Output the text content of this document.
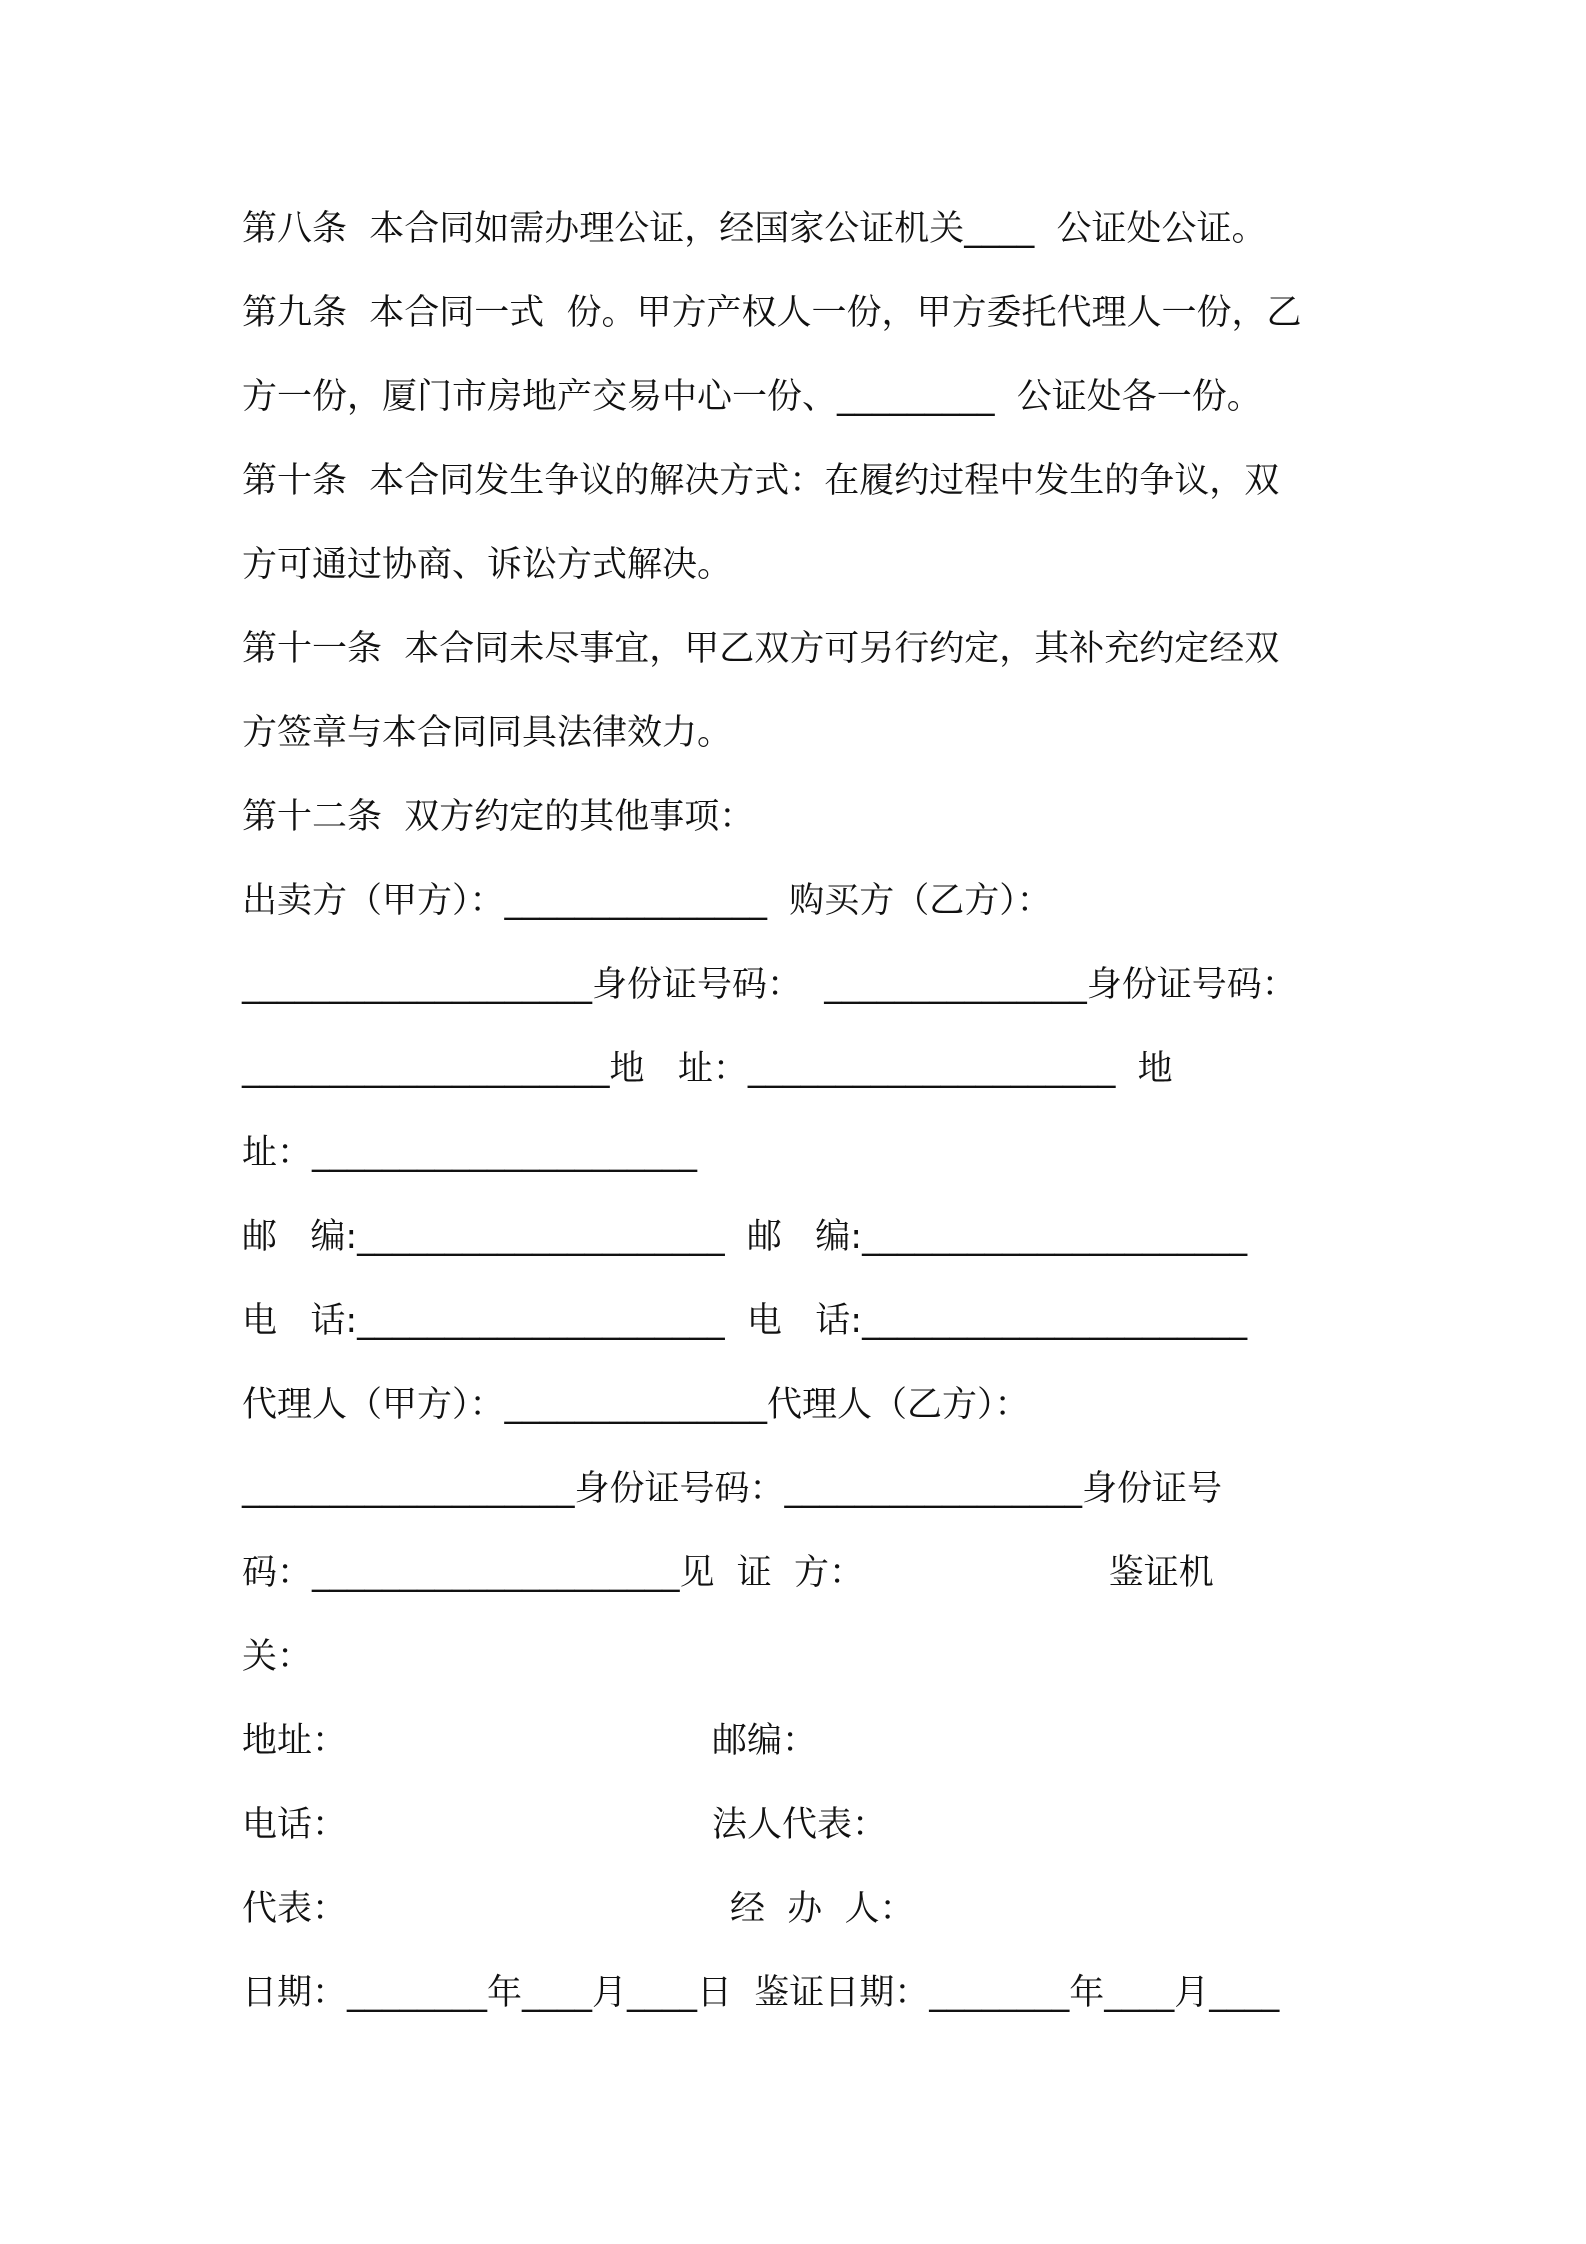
第八条  本合同如需办理公证，经国家公证机关____  公证处公证。
第九条  本合同一式  份。甲方产权人一份，甲方委托代理人一份，乙
方一份，厦门市房地产交易中心一份、_________  公证处各一份。
第十条  本合同发生争议的解决方式：在履约过程中发生的争议，双
方可通过协商、诉讼方式解决。
第十一条  本合同未尽事宜，甲乙双方可另行约定，其补充约定经双
方签章与本合同同具法律效力。
第十二条  双方约定的其他事项：
出卖方（甲方）：_______________  购买方（乙方）：
____________________身份证号码：  _______________身份证号码：
_____________________地   址：_____________________  地
址：______________________
邮   编:_____________________  邮   编:______________________
电   话:_____________________  电   话:______________________
代理人（甲方）：_______________代理人（乙方）：
___________________身份证号码：_________________身份证号
码：_____________________见  证  方：                      鉴证机
关：
地址：	邮编：
电话：	法人代表：
代表：	经  办  人：
日期：________年____月____日  鉴证日期：________年____月____
